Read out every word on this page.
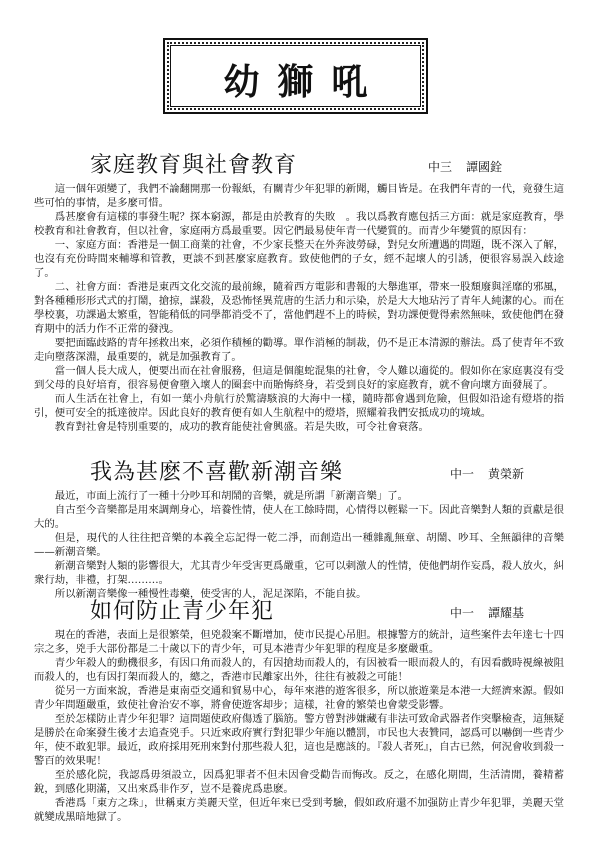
幼獅吼
家庭教育與社會教育	中三 譚國銓

這一個年頭變了，我們不論翻開那一份報紙，有關青少年犯罪的新聞，觸目皆是。在我們年青的一代，竟發生這些可怕的事情，是多麼可惜。

爲甚麼會有這樣的事發生呢？探本窮源，都是由於教育的失敗　。我以爲教育應包括三方面：就是家庭教育，學校教育和社會教育，但以社會，家庭兩方爲最重要。因它們最易使年青一代變質的。而青少年變質的原因有：

一、家庭方面：香港是一個工商業的社會，不少家長整天在外奔波勞碌，對兒女所遭遇的問題，既不深入了解，也沒有充份時間來輔導和管教，更談不到甚麼家庭教育。致使他們的子女，經不起壞人的引誘，便很容易誤入歧途了。

二、社會方面：香港是東西文化交流的最前線，隨着西方電影和書報的大舉進軍，帶來一股頹廢與淫靡的邪風，對各種種形形式式的打鬧，搶掠，謀殺，及恐怖怪異荒唐的生活力和示染，於是大大地玷污了青年人純潔的心。而在學校裏，功課過太繁重，智能稍低的同學都消受不了，當他們趕不上的時候，對功課便覺得索然無味，致使他們在發育期中的活力作不正常的發洩。

要把面臨歧路的青年拯救出來，必須作積極的勸導。單作消極的制裁，仍不是正本清源的辦法。爲了使青年不致走向墮落深淵，最重要的，就是加强教育了。

當一個人長大成人，便要出而在社會服務，但這是個龍蛇混集的社會，令人難以適從的。假如你在家庭裏沒有受到父母的良好培育，很容易便會墮入壞人的圈套中而貽悔終身，若受到良好的家庭教育，就不會向壞方面發展了。

而人生活在社會上，有如一葉小舟航行於驚濤駭浪的大海中一樣，隨時都會遇到危險，但假如沿途有燈塔的指引，便可安全的抵達彼岸。因此良好的教育便有如人生航程中的燈塔，照耀着我們安抵成功的境域。

教育對社會是特別重要的，成功的教育能使社會興盛。若是失敗，可令社會衰落。

我為甚麽不喜歡新潮音樂	中一 黄榮新

最近，市面上流行了一種十分吵耳和胡鬧的音樂，就是所謂「新潮音樂」了。

自古至今音樂都是用來調劑身心，培養性情，使人在工餘時間，心情得以輕鬆一下。因此音樂對人類的貢獻是很大的。

但是，現代的人往往把音樂的本義全忘記得一乾二淨，而創造出一種雜亂無章、胡鬧、吵耳、全無韻律的音樂——新潮音樂。

新潮音樂對人類的影響很大，尤其青少年受害更爲嚴重，它可以剌激人的性情，使他們胡作妄爲，殺人放火，糾衆行劫，非禮，打架………。

所以新潮音樂像一種慢性毒藥，使受害的人，泥足深陷，不能自拔。

如何防止青少年犯	中一 譚耀基

現在的香港，表面上是很繁榮，但兇殺案不斷增加，使市民提心吊胆。根據警方的統計，這些案件去年達七十四宗之多，兇手大部份都是二十歲以下的青少年，可見本港青少年犯罪的程度是多麼嚴重。

青少年殺人的動機很多，有因口角而殺人的，有因搶劫而殺人的，有因被看一眼而殺人的，有因看戲時視線被阻而殺人的，也有因打架而殺人的，總之，香港市民離家出外，往往有被殺之可能！

從另一方面來說，香港是東南亞交通和貿易中心，每年來港的遊客很多，所以旅遊業是本港一大經濟來源。假如青少年問題嚴重，致使社會治安不寧，將會使遊客却步；這樣，社會的繁榮也會蒙受影響。

至於怎樣防止青少年犯罪？這問題使政府傷透了腦筋。警方曾對涉嫌藏有非法可致命武器者作突擊檢查，這無疑是勝於在命案發生後才去追查兇手。只近來政府實行對犯罪少年施以體罰，市民也大表贊同，認爲可以嚇倒一些青少年，使不敢犯罪。最近，政府採用死刑來對付那些殺人犯，這也是應該的。『殺人者死』，自古已然，何況會收到殺一警百的效果呢！

至於感化院，我認爲毋須設立，因爲犯罪者不但未因會受勸告而悔改。反之，在感化期間，生活清閒，養精蓄銳，到感化期滿，又出來爲非作歹，豈不是養虎爲患麽。

香港爲「東方之珠」，世稱東方美麗天堂，但近年來已受到考驗，假如政府還不加强防止青少年犯罪，美麗天堂就變成黑暗地獄了。
